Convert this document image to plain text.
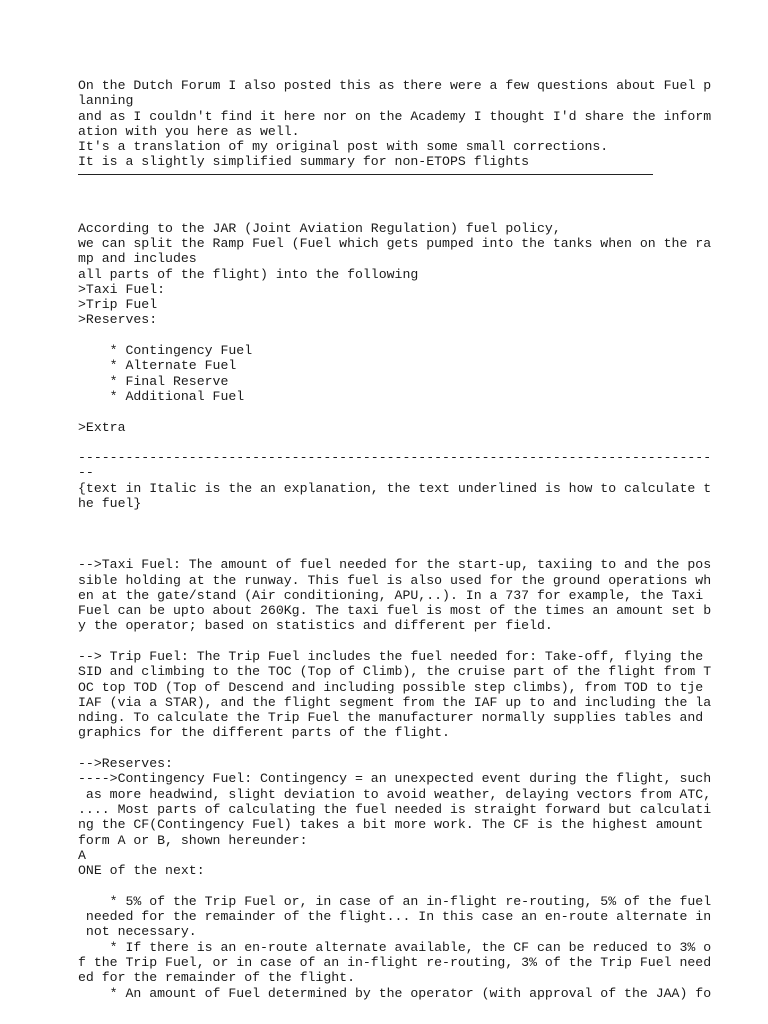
On the Dutch Forum I also posted this as there were a few questions about Fuel p
lanning
and as I couldn't find it here nor on the Academy I thought I'd share the inform
ation with you here as well.
It's a translation of my original post with some small corrections.
It is a slightly simplified summary for non-ETOPS flights
According to the JAR (Joint Aviation Regulation) fuel policy,
we can split the Ramp Fuel (Fuel which gets pumped into the tanks when on the ra
mp and includes
all parts of the flight) into the following
>Taxi Fuel:
>Trip Fuel
>Reserves:
* Contingency Fuel
* Alternate Fuel
* Final Reserve
* Additional Fuel
>Extra
--------------------------------------------------------------------------------
--
{text in Italic is the an explanation, the text underlined is how to calculate t
he fuel}
-->Taxi Fuel: The amount of fuel needed for the start-up, taxiing to and the pos
sible holding at the runway. This fuel is also used for the ground operations wh
en at the gate/stand (Air conditioning, APU,..). In a 737 for example, the Taxi
Fuel can be upto about 260Kg. The taxi fuel is most of the times an amount set b
y the operator; based on statistics and different per field.
--> Trip Fuel: The Trip Fuel includes the fuel needed for: Take-off, flying the
SID and climbing to the TOC (Top of Climb), the cruise part of the flight from T
OC top TOD (Top of Descend and including possible step climbs), from TOD to tje
IAF (via a STAR), and the flight segment from the IAF up to and including the la
nding. To calculate the Trip Fuel the manufacturer normally supplies tables and
graphics for the different parts of the flight.
-->Reserves:
---->Contingency Fuel: Contingency = an unexpected event during the flight, such
as more headwind, slight deviation to avoid weather, delaying vectors from ATC,
.... Most parts of calculating the fuel needed is straight forward but calculati
ng the CF(Contingency Fuel) takes a bit more work. The CF is the highest amount
form A or B, shown hereunder:
A
ONE of the next:
* 5% of the Trip Fuel or, in case of an in-flight re-routing, 5% of the fuel
needed for the remainder of the flight... In this case an en-route alternate in
not necessary.
* If there is an en-route alternate available, the CF can be reduced to 3% o
f the Trip Fuel, or in case of an in-flight re-routing, 3% of the Trip Fuel need
ed for the remainder of the flight.
* An amount of Fuel determined by the operator (with approval of the JAA) fo
